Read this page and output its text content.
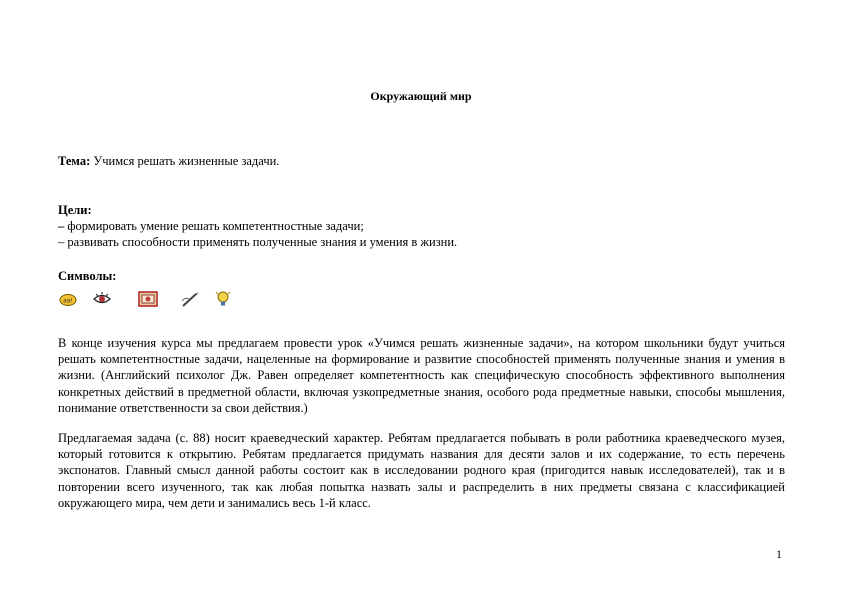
Окружающий мир
Тема: Учимся решать жизненные задачи.
Цели:
– формировать умение решать компетентностные задачи;
– развивать способности применять полученные знания и умения в жизни.
Символы:
aa!

В конце изучения курса мы предлагаем провести урок «Учимся решать жизненные задачи», на котором школьники будут учиться решать компетентностные задачи, нацеленные на формирование и развитие способностей применять полученные знания и умения в жизни. (Английский психолог Дж. Равен определяет компетентность как специфическую способность эффективного выполнения конкретных действий в предметной области, включая узкопредметные знания, особого рода предметные навыки, способы мышления, понимание ответственности за свои действия.)

Предлагаемая задача (с. 88) носит краеведческий характер. Ребятам предлагается побывать в роли работника краеведческого музея, который готовится к открытию. Ребятам предлагается придумать названия для десяти залов и их содержание, то есть перечень экспонатов. Главный смысл данной работы состоит как в исследовании родного края (пригодится навык исследователей), так и в повторении всего изученного, так как любая попытка назвать залы и распределить в них предметы связана с классификацией окружающего мира, чем дети и занимались весь 1-й класс.

1
